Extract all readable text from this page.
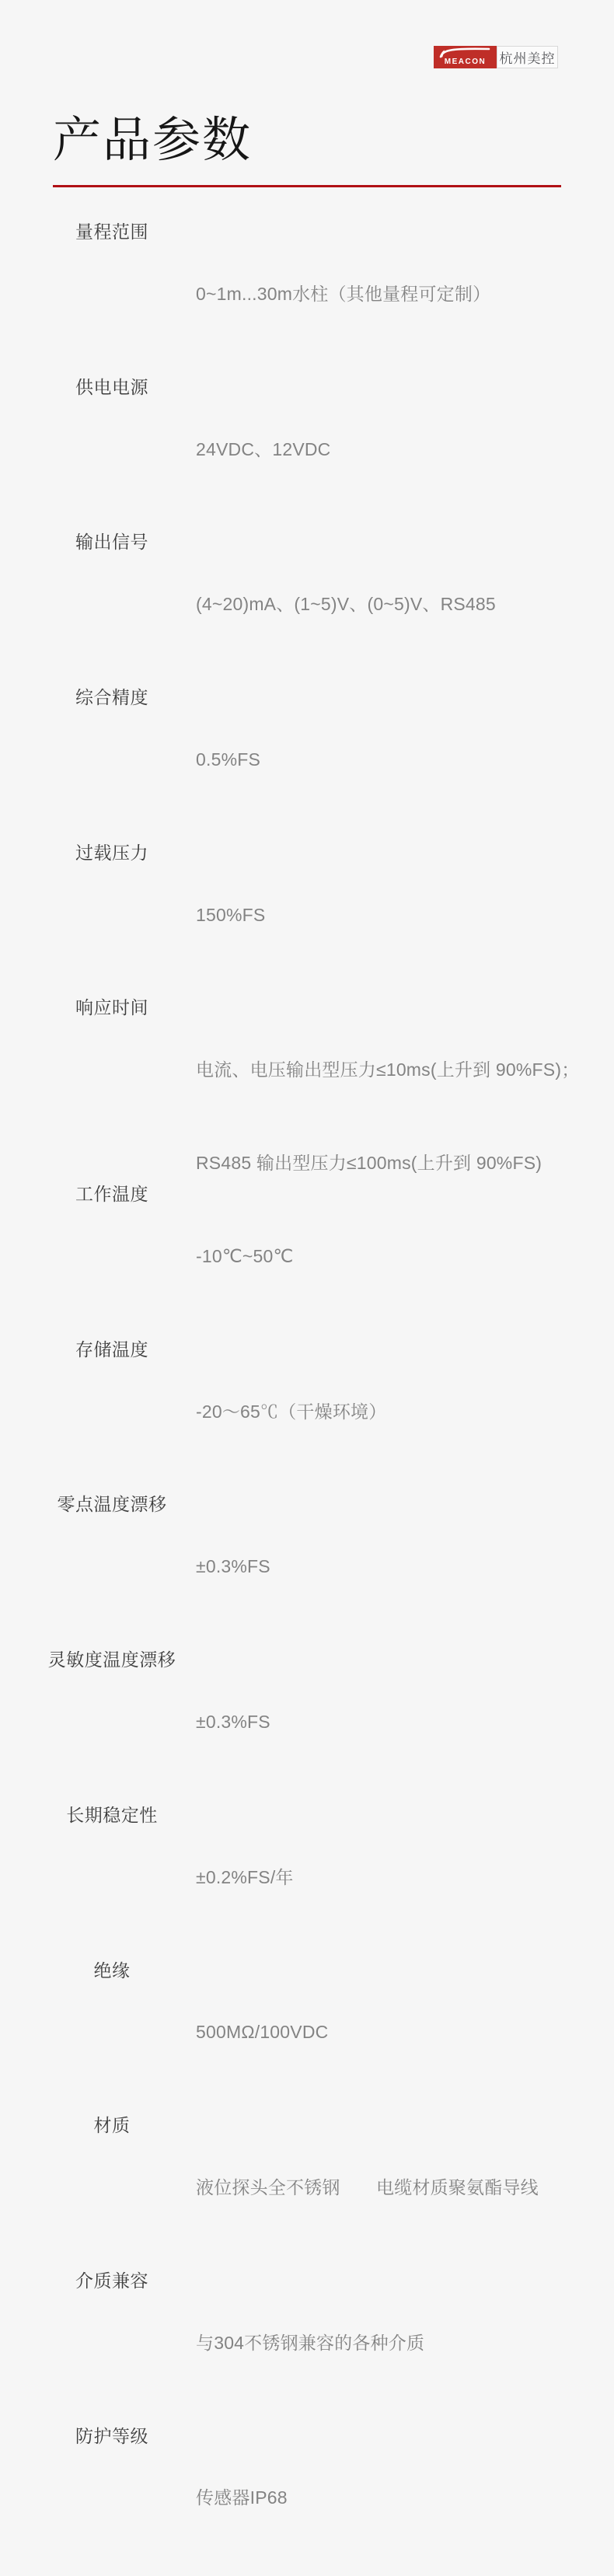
MEACON	杭州美控
产品参数
量程范围

0~1m...30m水柱（其他量程可定制）

供电电源

24VDC、12VDC

输出信号

(4~20)mA、(1~5)V、(0~5)V、RS485

综合精度

0.5%FS

过载压力

150%FS

响应时间

电流、电压输出型压力≤10ms(上升到 90%FS)；

RS485 输出型压力≤100ms(上升到 90%FS)
工作温度

-10℃~50℃

存储温度

-20～65℃（干燥环境）

零点温度漂移

±0.3%FS

灵敏度温度漂移

±0.3%FS

长期稳定性

±0.2%FS/年

绝缘

500MΩ/100VDC

材质

液位探头全不锈钢　　电缆材质聚氨酯导线

介质兼容

与304不锈钢兼容的各种介质

防护等级

传感器IP68
